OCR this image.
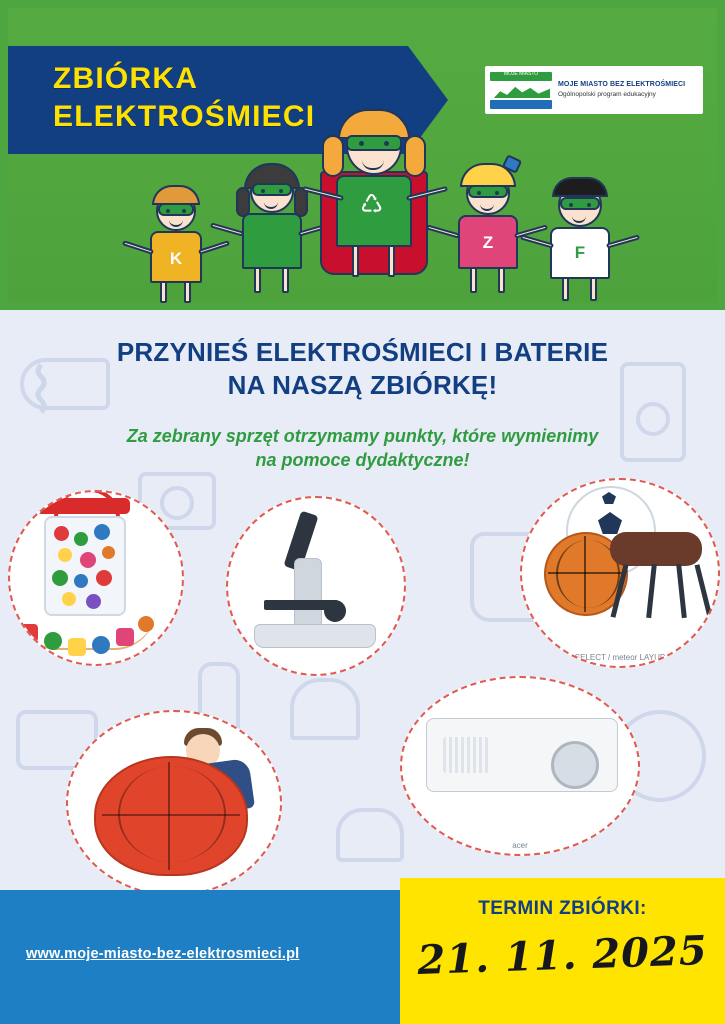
ZBIÓRKA
ELEKTROŚMIECI
MOJE MIASTO
MOJE MIASTO BEZ ELEKTROŚMIECI
Ogólnopolski program edukacyjny
K
♺
Z
F
⌇
PRZYNIEŚ ELEKTROŚMIECI I BATERIE
NA NASZĄ ZBIÓRKĘ!
Za zebrany sprzęt otrzymamy punkty, które wymienimy
na pomoce dydaktyczne!
SELECT / meteor LAYUP
acer
www.moje-miasto-bez-elektrosmieci.pl
TERMIN ZBIÓRKI:
21. 11. 2025
